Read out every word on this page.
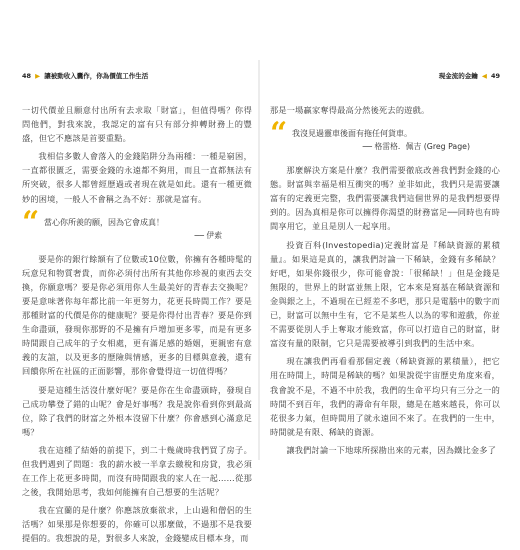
48 ▶ 讓被動收入囊作，你為價值工作生活

一切代價並且願意付出所有去求取「財富」，但值得嗎？你得問他們，對我來說，我認定的富有只有部分抑轉財務上的豐盛，但它不應該是首要重點。

我相信多數人會落入的金錢陷阱分為兩種：一種是窮困，一直都很匱乏，需要金錢的永遠都不夠用，而且一直都無法有所突破，很多人都曾經歷過或者現在就是如此。還有一種更微妙的困境，一般人不會稱之為不好：那就是富有。

“ 當心你所羨的願，因為它會成真！
── 伊索

要是你的銀行餘額有了位數或10位數，你擁有各種時髦的玩意兒和物質奢貴，而你必須付出所有其他你珍視的東西去交換，你願意嗎？要是你必須用你人生最美好的青春去交換呢？要是意味著你每年都比前一年更努力，花更長時間工作？要是那種財富的代價是你的健康呢？要是你得付出青春？要是你到生命盡頭，發現你那野的不是擁有戶增加更多零，而是有更多時間跟自己成年的子女相處，更有滿足感的婚姻，更親密有意義的友誼，以及更多的歷險與情感，更多的目標與意義，還有回饋你所在社區的正面影響，那你會覺得這一切值得嗎？

要是這種生活沒什麼好呢？要是你在生命盡頭時，發現自己成功攀登了錯的山呢？會是好事嗎？我是說你看到你到最高位，除了我們的財富之外根本沒留下什麼？你會感到心滿意足嗎？

我在這種了結婚的前提下，到二十幾歲時我們買了房子。但我們遇到了問題：我的薪水被一半拿去繳稅和房貸，我必須在工作上花更多時間，而沒有時間跟我的家人在一起……從那之後，我開始思考，我如何能擁有自己想要的生活呢？

我在宜蘭的是什麼？你應該放棄欲求，上山過和僧侶的生活嗎？如果那是你想要的，你確可以那麼做，不過那不是我要提倡的。我想說的是，對很多人來說，金錢變成目標本身，而

現金流的金鑰 ◀ 49

那是一場贏家奪得最高分然後死去的遊戲。

“ 我沒見過靈車後面有拖任何貨車。
── 格雷格．佩吉 (Greg Page)

那麼解決方案是什麼？我們需要徹底改善我們對金錢的心態。財富與幸福是相互衝突的嗎？並非如此，我們只是需要讓富有的定義更完整，我們需要讓我們這個世界的是我們想要得到的。因為真相是你可以擁得你渴望的財務富足──同時也有時間享用它，並且是別人一起享用。

投資百科(Investopedia)定義財富是『稀缺資源的累積量』。如果這是真的，讓我們討論一下稀缺，金錢有多稀缺？好吧，如果你錢很少，你可能會說：「很稀缺！」但是金錢是無限的，世界上的財富並無上限，它本來是寫基在稀缺資源和金與銀之上，不過現在已經差不多吧，那只是電腦中的數字而已，財富可以無中生有，它不是某些人以為的零和遊戲，你並不需要從別人手上奪取才能致富，你可以打造自己的財富，財富沒有量的限制，它只是需要被導引到我們的生活中來。

現在讓我們再看看那個定義（稀缺資源的累積量），把它用在時間上，時間是稀缺的嗎？如果說從宇宙歷史角度來看，我會說不是，不過不中於我，我們的生命平均只有三分之一的時間不到百年，我們的壽命有年限，總是在越來越長，你可以花很多力氣，但時間用了就永遠回不來了。在我們的一生中，時間就是有限、稀缺的資源。

讓我們討論一下地球所探勘出來的元素，因為鐵比金多了
